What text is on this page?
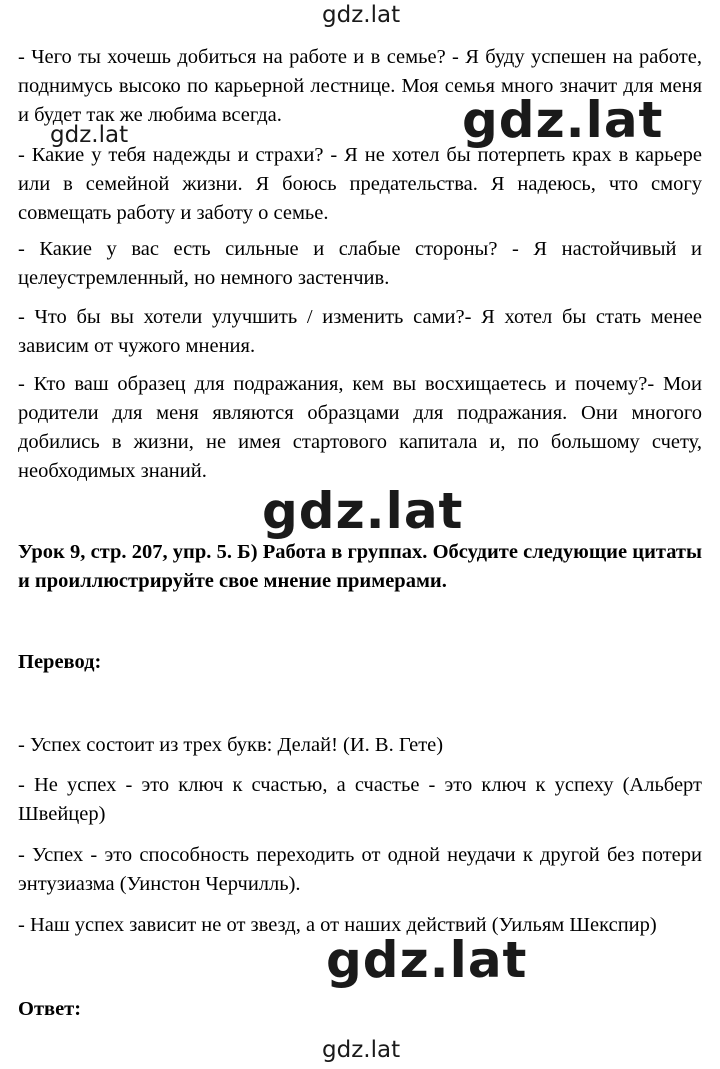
gdz.lat

- Чего ты хочешь добиться на работе и в семье? - Я буду успешен на работе, поднимусь высоко по карьерной лестнице. Моя семья много значит для меня и будет так же любима всегда.

gdz.lat	gdz.lat

- Какие у тебя надежды и страхи? - Я не хотел бы потерпеть крах в карьере или в семейной жизни. Я боюсь предательства. Я надеюсь, что смогу совмещать работу и заботу о семье.

- Какие у вас есть сильные и слабые стороны? - Я настойчивый и целеустремленный, но немного застенчив.

- Что бы вы хотели улучшить / изменить сами?- Я хотел бы стать менее зависим от чужого мнения.

- Кто ваш образец для подражания, кем вы восхищаетесь и почему?- Мои родители для меня являются образцами для подражания. Они многого добились в жизни, не имея стартового капитала и, по большому счету, необходимых знаний.

gdz.lat

Урок 9, стр. 207, упр. 5. Б) Работа в группах. Обсудите следующие цитаты и проиллюстрируйте свое мнение примерами.

Перевод:

- Успех состоит из трех букв: Делай! (И. В. Гете)

- Не успех - это ключ к счастью, а счастье - это ключ к успеху (Альберт Швейцер)

- Успех - это способность переходить от одной неудачи к другой без потери энтузиазма (Уинстон Черчилль).

- Наш успех зависит не от звезд, а от наших действий (Уильям Шекспир)

gdz.lat

Ответ:

gdz.lat
